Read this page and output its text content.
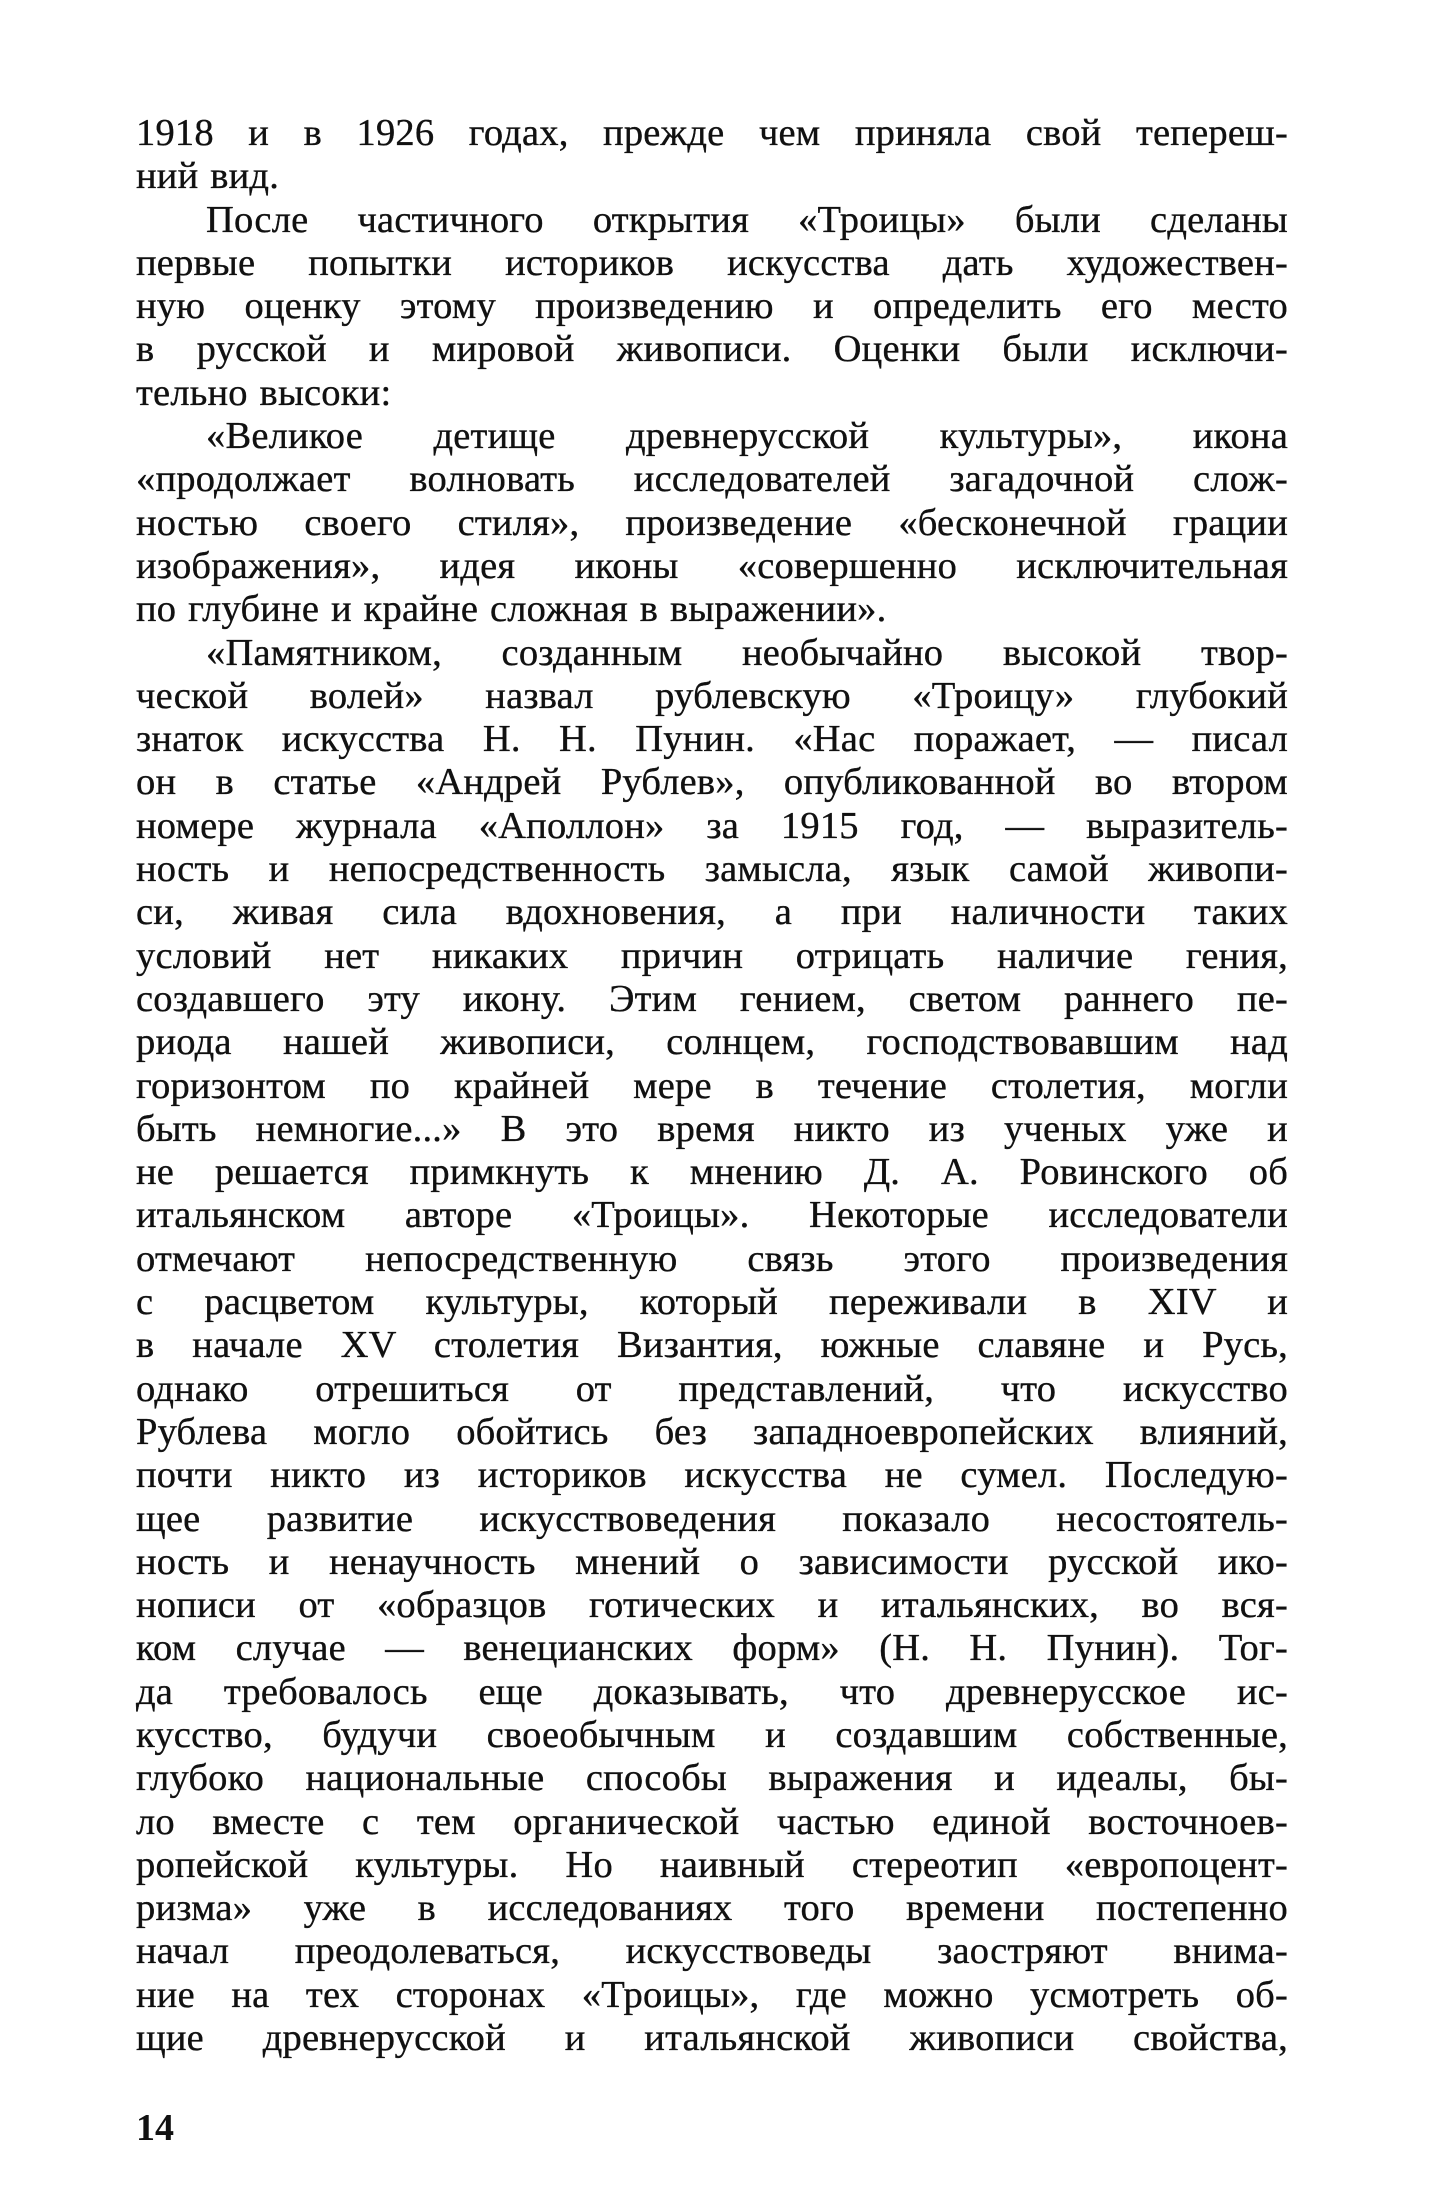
1918 и в 1926 годах, прежде чем приняла свой тепереш-
ний вид.
После частичного открытия «Троицы» были сделаны
первые попытки историков искусства дать художествен-
ную оценку этому произведению и определить его место
в русской и мировой живописи. Оценки были исключи-
тельно высоки:
«Великое детище древнерусской культуры», икона
«продолжает волновать исследователей загадочной слож-
ностью своего стиля», произведение «бесконечной грации
изображения», идея иконы «совершенно исключительная
по глубине и крайне сложная в выражении».
«Памятником, созданным необычайно высокой твор-
ческой волей» назвал рублевскую «Троицу» глубокий
знаток искусства Н. Н. Пунин. «Нас поражает, — писал
он в статье «Андрей Рублев», опубликованной во втором
номере журнала «Аполлон» за 1915 год, — выразитель-
ность и непосредственность замысла, язык самой живопи-
си, живая сила вдохновения, а при наличности таких
условий нет никаких причин отрицать наличие гения,
создавшего эту икону. Этим гением, светом раннего пе-
риода нашей живописи, солнцем, господствовавшим над
горизонтом по крайней мере в течение столетия, могли
быть немногие...» В это время никто из ученых уже и
не решается примкнуть к мнению Д. А. Ровинского об
итальянском авторе «Троицы». Некоторые исследователи
отмечают непосредственную связь этого произведения
с расцветом культуры, который переживали в XIV и
в начале XV столетия Византия, южные славяне и Русь,
однако отрешиться от представлений, что искусство
Рублева могло обойтись без западноевропейских влияний,
почти никто из историков искусства не сумел. Последую-
щее развитие искусствоведения показало несостоятель-
ность и ненаучность мнений о зависимости русской ико-
нописи от «образцов готических и итальянских, во вся-
ком случае — венецианских форм» (Н. Н. Пунин). Тог-
да требовалось еще доказывать, что древнерусское ис-
кусство, будучи своеобычным и создавшим собственные,
глубоко национальные способы выражения и идеалы, бы-
ло вместе с тем органической частью единой восточноев-
ропейской культуры. Но наивный стереотип «европоцент-
ризма» уже в исследованиях того времени постепенно
начал преодолеваться, искусствоведы заостряют внима-
ние на тех сторонах «Троицы», где можно усмотреть об-
щие древнерусской и итальянской живописи свойства,
14
